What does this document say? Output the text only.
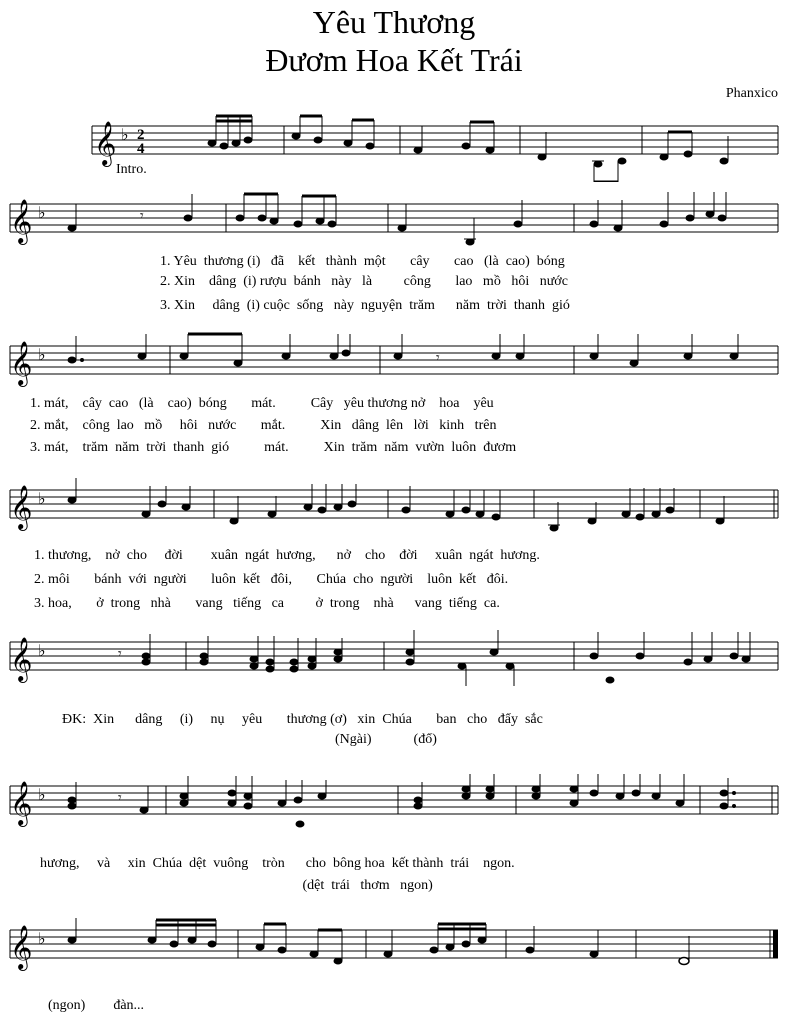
Yêu Thương
Đươm Hoa Kết Trái
Phanxico
𝄞 ♭ 2
4
Intro.
𝄞 ♭	𝄾
1. Yêu  thương (i)   đã    kết   thành  một       cây       cao   (là  cao)  bóng
2. Xin    dâng  (i) rượu  bánh   này   là         công       lao   mồ   hôi   nước
3. Xin     dâng  (i) cuộc  sống   này  nguyện  trăm      năm  trời  thanh  gió
𝄞 ♭	𝄾
1. mát,    cây  cao   (là    cao)  bóng       mát.          Cây   yêu thương nở    hoa    yêu
2. mắt,    công  lao   mồ     hôi   nước       mắt.          Xin   dâng  lên   lời   kinh   trên
3. mát,    trăm  năm  trời  thanh  gió          mát.          Xin  trăm  năm  vườn  luôn  đươm
𝄞 ♭
1. thương,    nở  cho     đời        xuân  ngát  hương,      nở    cho    đời     xuân  ngát  hương.
2. môi       bánh  với  người       luôn  kết   đôi,       Chúa  cho  người    luôn  kết   đôi.
3. hoa,       ở  trong   nhà       vang   tiếng   ca         ở  trong    nhà      vang  tiếng  ca.
𝄞 ♭	𝄾
ĐK:  Xin      dâng     (i)     nụ     yêu       thương (ơ)   xin  Chúa       ban   cho   đẩy  sắc
(Ngài)            (đổ)
𝄞 ♭	𝄾
hương,     và     xin  Chúa  dệt  vuông    tròn      cho  bông hoa  kết thành  trái    ngon.
(dệt  trái   thơm   ngon)
𝄞 ♭
(ngon)        đàn...
